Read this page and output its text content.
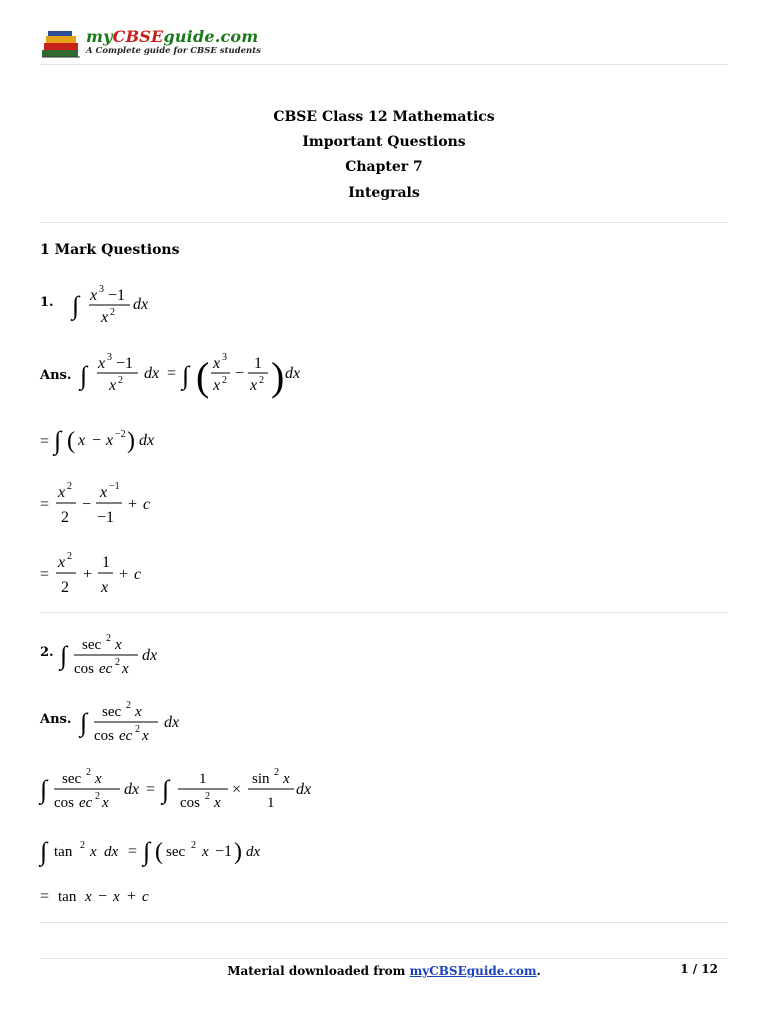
myCBSEguide.com
A Complete guide for CBSE students
CBSE Class 12 Mathematics
Important Questions
Chapter 7
Integrals
1 Mark Questions
1. ∫ x 3 −1
x 2 dx
Ans. ∫ x 3 −1
x 2 dx = ∫ ( x 3
x 2 −
1
x 2 ) dx
= ∫ ( x − x −2 ) dx
=
x 2
2
−
x −1
−1
+ c
=
x 2
2
+
1
x
+ c
2. ∫ sec 2 x
cos ec 2 x
dx
Ans. ∫ sec 2 x
cos ec 2 x
dx
∫ sec 2 x
cos ec 2 x
dx = ∫ 1
cos 2 x
×
sin 2 x
1
dx
∫ tan 2 x dx = ∫ ( sec 2 x −1 ) dx
= tan x − x + c
Material downloaded from myCBSEguide.com.	1 / 12
